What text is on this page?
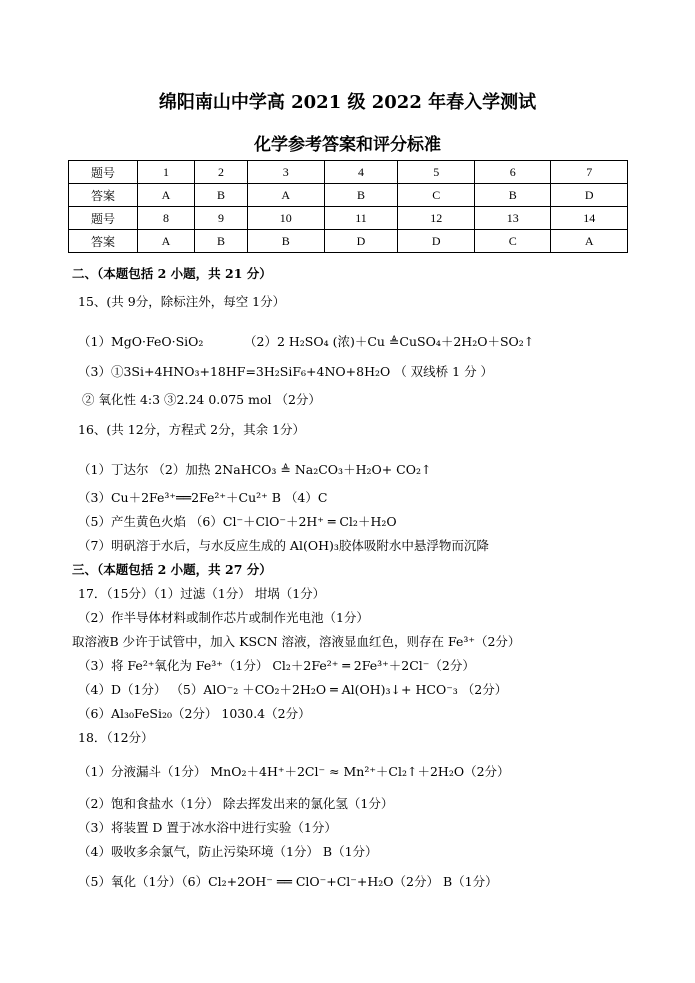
绵阳南山中学高 2021 级 2022 年春入学测试
化学参考答案和评分标准
题号	1	2	3	4	5	6	7
答案	A	B	A	B	C	B	D
题号	8	9	10	11	12	13	14
答案	A	B	B	D	D	C	A
二、（本题包括 2 小题，共 21 分）
15、(共 9分，除标注外，每空 1分）
（1）MgO·FeO·SiO₂	（2）2 H₂SO₄ (浓)＋Cu ≜CuSO₄＋2H₂O＋SO₂↑
（3）①3Si+4HNO₃+18HF=3H₂SiF₆+4NO+8H₂O （ 双线桥 1 分 ）
② 氧化性 4:3 ③2.24 0.075 mol （2分）
16、(共 12分，方程式 2分，其余 1分）
（1）丁达尔 （2）加热 2NaHCO₃ ≜ Na₂CO₃＋H₂O+ CO₂↑
（3）Cu＋2Fe³⁺══2Fe²⁺＋Cu²⁺ B （4）C
（5）产生黄色火焰 （6）Cl⁻＋ClO⁻＋2H⁺ ═ Cl₂＋H₂O
（7）明矾溶于水后，与水反应生成的 Al(OH)₃胶体吸附水中悬浮物而沉降
三、（本题包括 2 小题，共 27 分）
17．（15分）（1）过滤（1分） 坩埚（1分）
（2）作半导体材料或制作芯片或制作光电池（1分）
取溶液B 少许于试管中，加入 KSCN 溶液，溶液显血红色，则存在 Fe³⁺（2分）
（3）将 Fe²⁺氧化为 Fe³⁺（1分） Cl₂＋2Fe²⁺ ═ 2Fe³⁺＋2Cl⁻（2分）
（4）D（1分） （5）AlO⁻₂ ＋CO₂＋2H₂O ═ Al(OH)₃↓+ HCO⁻₃ （2分）
（6）Al₃₀FeSi₂₀（2分） 1030.4（2分）
18．（12分）
（1）分液漏斗（1分） MnO₂＋4H⁺＋2Cl⁻ ≈ Mn²⁺＋Cl₂↑＋2H₂O（2分）
（2）饱和食盐水（1分） 除去挥发出来的氯化氢（1分）
（3）将装置 D 置于冰水浴中进行实验（1分）
（4）吸收多余氯气，防止污染环境（1分） B（1分）
（5）氧化（1分）（6）Cl₂+2OH⁻ ══ ClO⁻+Cl⁻+H₂O（2分） B（1分）
